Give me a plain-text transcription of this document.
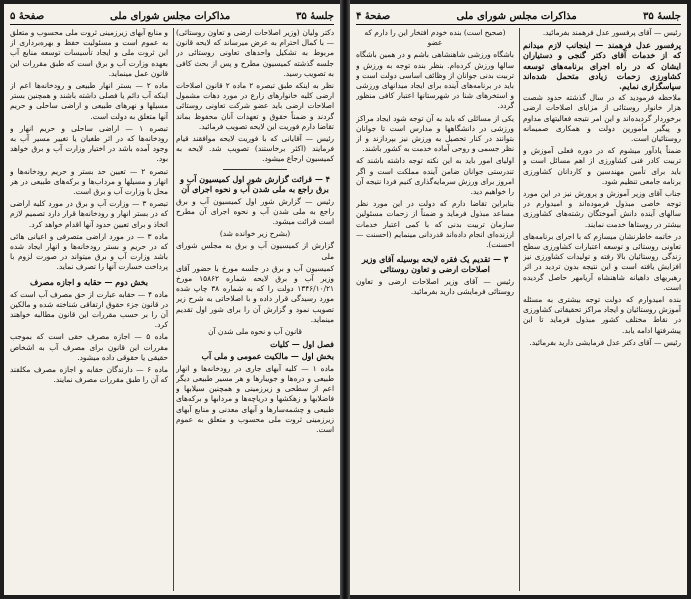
جلسهٔ ۳۵
مذاکرات مجلس شورای ملی
صفحهٔ ۵

دکتر ولیان (وزیر اصلاحات ارضی و تعاون روستائی) — با کمال احترام به عرض میرساند که لایحه قانون مربوط به تشکیل واحدهای تعاونی روستائی در جلسه گذشته کمیسیون مطرح و پس از بحث کافی به تصویب رسید.

نظر به اینکه طبق تبصره ۲ ماده ۲ قانون اصلاحات ارضی کلیه خانوارهای زارع در مورد دهات مشمول اصلاحات ارضی باید عضو شرکت تعاونی روستائی گردند و ضمناً حقوق و تعهدات آنان محفوظ بماند تقاضا دارم فوریت این لایحه تصویب فرمائید.

رئیس — آقایانی که با فوریت لایحه موافقند قیام فرمایند (اکثر برخاستند) تصویب شد. لایحه به کمیسیون ارجاع میشود.

۴ — قرائت گزارش شور اول کمیسیون آب و برق راجع به ملی شدن آب و نحوه اجرای آن

رئیس — گزارش شور اول کمیسیون آب و برق راجع به ملی شدن آب و نحوه اجرای آن مطرح است قرائت میشود.

(بشرح زیر خوانده شد)

گزارش از کمیسیون آب و برق به مجلس شورای ملی

کمیسیون آب و برق در جلسه مورخ با حضور آقای وزیر آب و برق لایحه شماره ۱۵۸۶۲ مورخ ۱۳۴۶/۱۰/۲۱ دولت را که به شماره ۳۸ چاپ شده مورد رسیدگی قرار داده و با اصلاحاتی به شرح زیر تصویب نمود و گزارش آن را برای شور اول تقدیم مینماید.

قانون آب و نحوه ملی شدن آن

فصل اول — کلیات

بخش اول — مالکیت عمومی و ملی آب

ماده ۱ — کلیه آبهای جاری در رودخانه‌ها و انهار طبیعی و دره‌ها و جویبارها و هر مسیر طبیعی دیگر اعم از سطحی و زیرزمینی و همچنین سیلابها و فاضلابها و زهکشها و دریاچه‌ها و مردابها و برکه‌های طبیعی و چشمه‌سارها و آبهای معدنی و منابع آبهای زیرزمینی ثروت ملی محسوب و متعلق به عموم است.

و منابع آبهای زیرزمینی ثروت ملی محسوب و متعلق به عموم است و مسئولیت حفظ و بهره‌برداری از این ثروت ملی و ایجاد تأسیسات توسعه منابع آب بعهده وزارت آب و برق است که طبق مقررات این قانون عمل مینماید.

ماده ۲ — بستر انهار طبیعی و رودخانه‌ها اعم از اینکه آب دائم یا فصلی داشته باشند و همچنین بستر مسیلها و نهرهای طبیعی و اراضی ساحلی و حریم آنها متعلق به دولت است.

تبصره ۱ — اراضی ساحلی و حریم انهار و رودخانه‌ها که در اثر طغیان یا تغییر مسیر آب به وجود آمده باشد در اختیار وزارت آب و برق خواهد بود.

تبصره ۲ — تعیین حد بستر و حریم رودخانه‌ها و انهار و مسیلها و مرداب‌ها و برکه‌های طبیعی در هر محل با وزارت آب و برق است.

تبصره ۳ — وزارت آب و برق در مورد کلیه اراضی که در بستر انهار و رودخانه‌ها قرار دارد تصمیم لازم اتخاذ و برای تعیین حدود آنها اقدام خواهد کرد.

ماده ۳ — در مورد اراضی متصرفی و اعیانی هائی که در حریم و بستر رودخانه‌ها و انهار ایجاد شده باشد وزارت آب و برق میتواند در صورت لزوم با پرداخت خسارت آنها را تصرف نماید.

بخش دوم — حقابه و اجازه مصرف

ماده ۴ — حقابه عبارت از حق مصرف آب است که در قانون جزء حقوق ارتفاقی شناخته شده و مالکین آن را بر حسب مقررات این قانون مطالبه خواهند کرد.

ماده ۵ — اجازه مصرف حقی است که بموجب مقررات این قانون برای مصرف آب به اشخاص حقیقی یا حقوقی داده میشود.

ماده ۶ — دارندگان حقابه و اجازه مصرف مکلفند که آن را طبق مقررات مصرف نمایند.

جلسهٔ ۳۵
مذاکرات مجلس شورای ملی
صفحهٔ ۴

رئیس — آقای پرفسور عدل فرهمند بفرمائید.

پرفسور عدل فرهمند — اینجانب لازم میدانم که از خدمات آقای دکتر گنجی و دستیاران ایشان که در راه اجرای برنامه‌های توسعه کشاورزی زحمات زیادی متحمل شده‌اند سپاسگزاری نمایم.

ملاحظه فرمودید که در سال گذشته حدود شصت هزار خانوار روستائی از مزایای اصلاحات ارضی برخوردار گردیده‌اند و این امر نتیجه فعالیتهای مداوم و پیگیر مأمورین دولت و همکاری صمیمانه روستائیان است.

ضمناً یادآور میشوم که در دوره فعلی آموزش و تربیت کادر فنی کشاورزی از اهم مسائل است و باید برای تأمین مهندسین و کاردانان کشاورزی برنامه جامعی تنظیم شود.

جناب آقای وزیر آموزش و پرورش نیز در این مورد توجه خاصی مبذول فرموده‌اند و امیدوارم در سالهای آینده دانش آموختگان رشته‌های کشاورزی بیشتر در روستاها خدمت نمایند.

در خاتمه خاطرنشان میسازم که با اجرای برنامه‌های تعاونی روستائی و توسعه اعتبارات کشاورزی سطح زندگی روستائیان بالا رفته و تولیدات کشاورزی نیز افزایش یافته است و این نتیجه بدون تردید در اثر رهبریهای داهیانه شاهنشاه آریامهر حاصل گردیده است.

بنده امیدوارم که دولت توجه بیشتری به مسئله آموزش روستائیان و ایجاد مراکز تحقیقاتی کشاورزی در نقاط مختلف کشور مبذول فرماید تا این پیشرفتها ادامه یابد.

رئیس — آقای دکتر عدل فرمایشی دارید بفرمائید.

(صحیح است) بنده خودم افتخار این را دارم که عضو

باشگاه ورزشی شاهنشاهی باشم و در همین باشگاه سالها ورزش کرده‌ام. بنظر بنده توجه به ورزش و تربیت بدنی جوانان از وظائف اساسی دولت است و باید در برنامه‌های آینده برای ایجاد میدانهای ورزشی و استخرهای شنا در شهرستانها اعتبار کافی منظور گردد.

یکی از مسائلی که باید به آن توجه شود ایجاد مراکز ورزشی در دانشگاهها و مدارس است تا جوانان بتوانند در کنار تحصیل به ورزش نیز بپردازند و از نظر جسمی و روحی آماده خدمت به کشور باشند.

اولیای امور باید به این نکته توجه داشته باشند که تندرستی جوانان ضامن آینده مملکت است و اگر امروز برای ورزش سرمایه‌گذاری کنیم فردا نتیجه آن را خواهیم دید.

بنابراین تقاضا دارم که دولت در این مورد نظر مساعد مبذول فرماید و ضمناً از زحمات مسئولین سازمان تربیت بدنی که با کمی اعتبار خدمات ارزنده‌ای انجام داده‌اند قدردانی مینمایم (احسنت — احسنت).

۳ — تقدیم یک فقره لایحه بوسیله آقای وزیر اصلاحات ارضی و تعاون روستائی

رئیس — آقای وزیر اصلاحات ارضی و تعاون روستائی فرمایشی دارید بفرمائید.
